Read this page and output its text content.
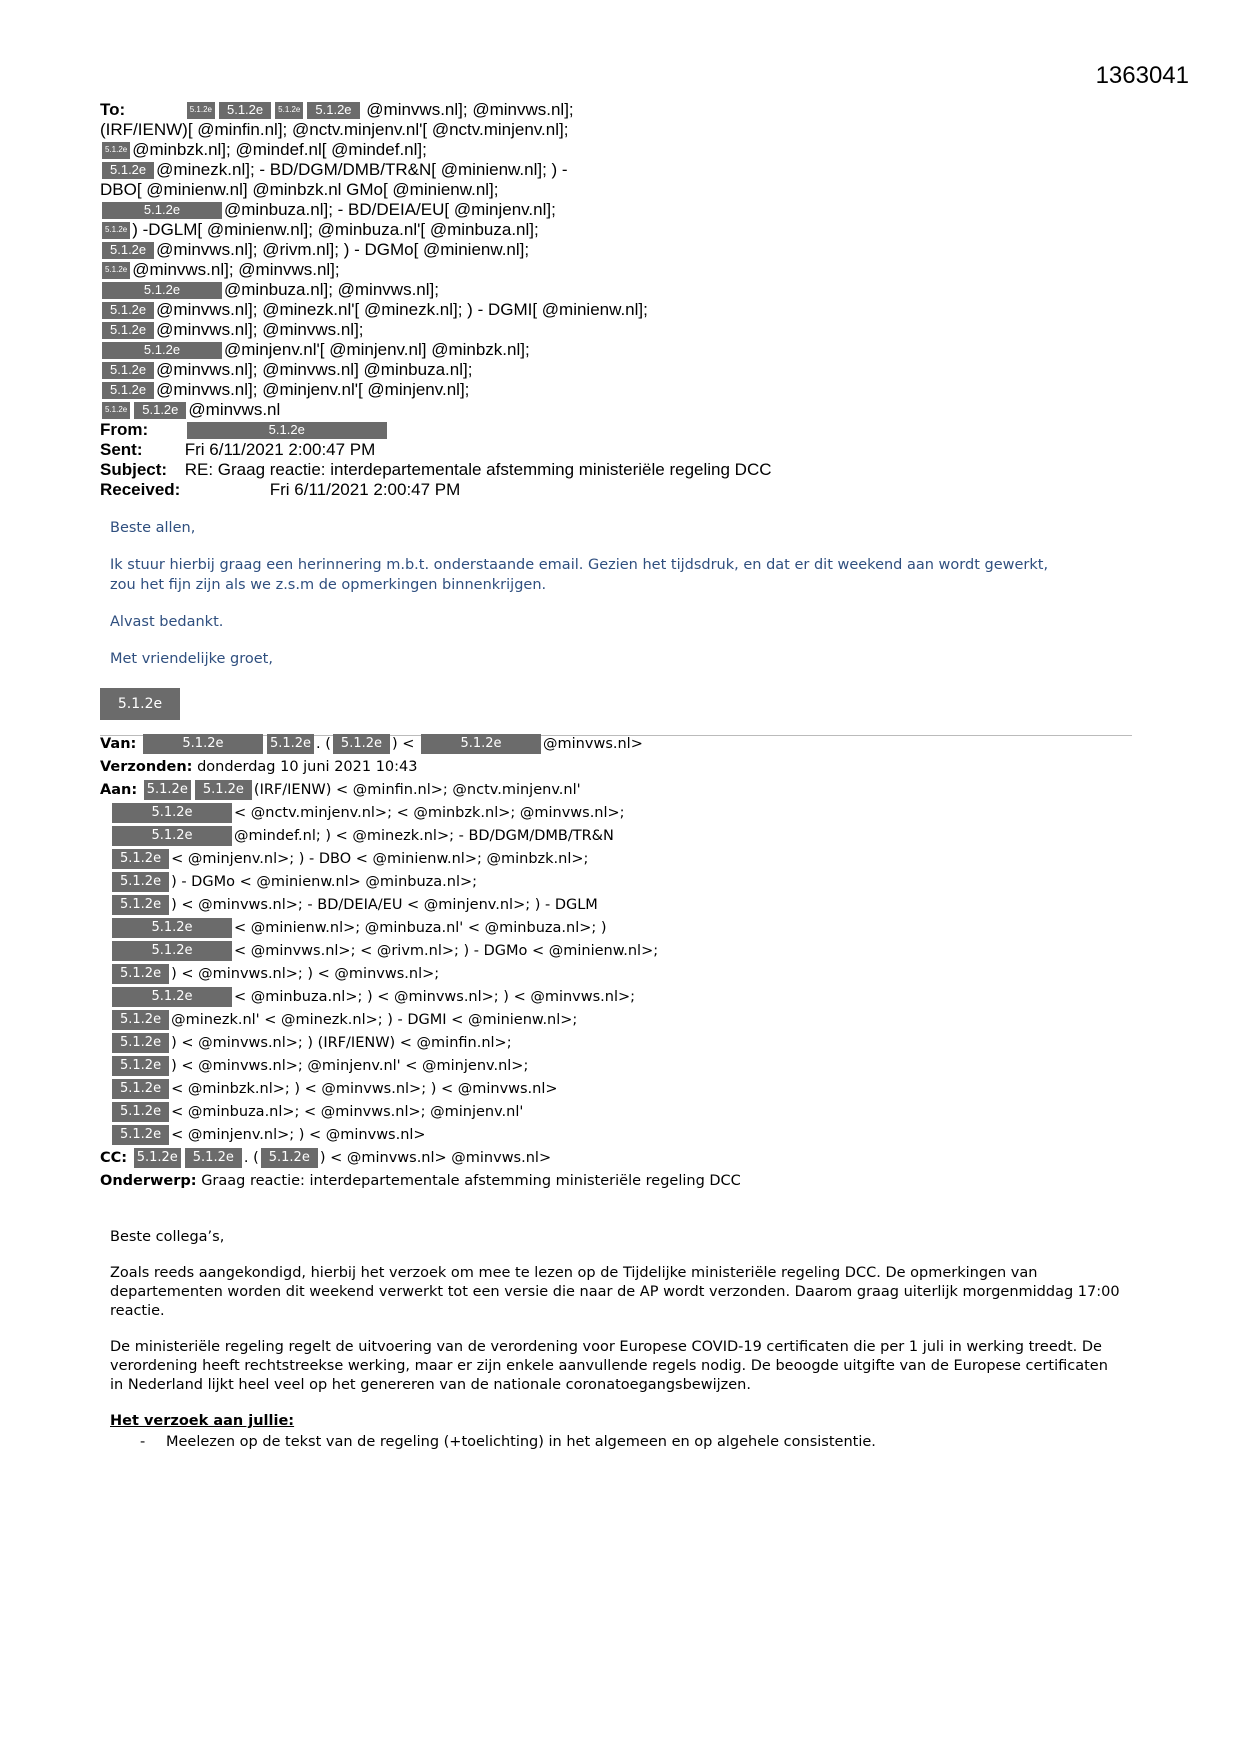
1363041
To:	5.1.2e 5.1.2e 5.1.2e 5.1.2e @minvws.nl]; @minvws.nl];
(IRF/IENW)[ @minfin.nl]; @nctv.minjenv.nl'[ @nctv.minjenv.nl];
5.1.2e @minbzk.nl]; @mindef.nl[ @mindef.nl];
5.1.2e @minezk.nl]; - BD/DGM/DMB/TR&N[ @minienw.nl]; ) -
DBO[ @minienw.nl] @minbzk.nl GMo[ @minienw.nl];
5.1.2e	@minbuza.nl]; - BD/DEIA/EU[ @minjenv.nl];
5.1.2e ) -DGLM[ @minienw.nl]; @minbuza.nl'[ @minbuza.nl];
5.1.2e @minvws.nl]; @rivm.nl]; ) - DGMo[ @minienw.nl];
5.1.2e @minvws.nl]; @minvws.nl];
5.1.2e	@minbuza.nl]; @minvws.nl];
5.1.2e @minvws.nl]; @minezk.nl'[ @minezk.nl]; ) - DGMI[ @minienw.nl];
5.1.2e @minvws.nl]; @minvws.nl];
5.1.2e	@minjenv.nl'[ @minjenv.nl] @minbzk.nl];
5.1.2e @minvws.nl]; @minvws.nl] @minbuza.nl];
5.1.2e @minvws.nl]; @minjenv.nl'[ @minjenv.nl];
5.1.2e 5.1.2e @minvws.nl
From:	5.1.2e
Sent: Fri 6/11/2021 2:00:47 PM
Subject: RE: Graag reactie: interdepartementale afstemming ministeriële regeling DCC
Received:	Fri 6/11/2021 2:00:47 PM

Beste allen,

Ik stuur hierbij graag een herinnering m.b.t. onderstaande email. Gezien het tijdsdruk, en dat er dit weekend aan wordt gewerkt, zou het fijn zijn als we z.s.m de opmerkingen binnenkrijgen.

Alvast bedankt.

Met vriendelijke groet,

5.1.2e
Van:	5.1.2e	5.1.2e . ( 5.1.2e ) <	5.1.2e	@minvws.nl>
Verzonden: donderdag 10 juni 2021 10:43
Aan: 5.1.2e 5.1.2e (IRF/IENW) < @minfin.nl>; @nctv.minjenv.nl'
5.1.2e	< @nctv.minjenv.nl>; < @minbzk.nl>; @minvws.nl>;
5.1.2e	@mindef.nl; ) < @minezk.nl>; - BD/DGM/DMB/TR&N
5.1.2e < @minjenv.nl>; ) - DBO < @minienw.nl>; @minbzk.nl>;
5.1.2e ) - DGMo < @minienw.nl> @minbuza.nl>;
5.1.2e ) < @minvws.nl>; - BD/DEIA/EU < @minjenv.nl>; ) - DGLM
5.1.2e	< @minienw.nl>; @minbuza.nl' < @minbuza.nl>; )
5.1.2e	< @minvws.nl>; < @rivm.nl>; ) - DGMo < @minienw.nl>;
5.1.2e ) < @minvws.nl>; ) < @minvws.nl>;
5.1.2e	< @minbuza.nl>; ) < @minvws.nl>; ) < @minvws.nl>;
5.1.2e @minezk.nl' < @minezk.nl>; ) - DGMI < @minienw.nl>;
5.1.2e ) < @minvws.nl>; ) (IRF/IENW) < @minfin.nl>;
5.1.2e ) < @minvws.nl>; @minjenv.nl' < @minjenv.nl>;
5.1.2e < @minbzk.nl>; ) < @minvws.nl>; ) < @minvws.nl>
5.1.2e < @minbuza.nl>; < @minvws.nl>; @minjenv.nl'
5.1.2e < @minjenv.nl>; ) < @minvws.nl>
CC: 5.1.2e 5.1.2e . ( 5.1.2e ) < @minvws.nl> @minvws.nl>
Onderwerp: Graag reactie: interdepartementale afstemming ministeriële regeling DCC

Beste collega’s,

Zoals reeds aangekondigd, hierbij het verzoek om mee te lezen op de Tijdelijke ministeriële regeling DCC. De opmerkingen van departementen worden dit weekend verwerkt tot een versie die naar de AP wordt verzonden. Daarom graag uiterlijk morgenmiddag 17:00 reactie.

De ministeriële regeling regelt de uitvoering van de verordening voor Europese COVID-19 certificaten die per 1 juli in werking treedt. De verordening heeft rechtstreekse werking, maar er zijn enkele aanvullende regels nodig. De beoogde uitgifte van de Europese certificaten in Nederland lijkt heel veel op het genereren van de nationale coronatoegangsbewijzen.

Het verzoek aan jullie:
- Meelezen op de tekst van de regeling (+toelichting) in het algemeen en op algehele consistentie.
